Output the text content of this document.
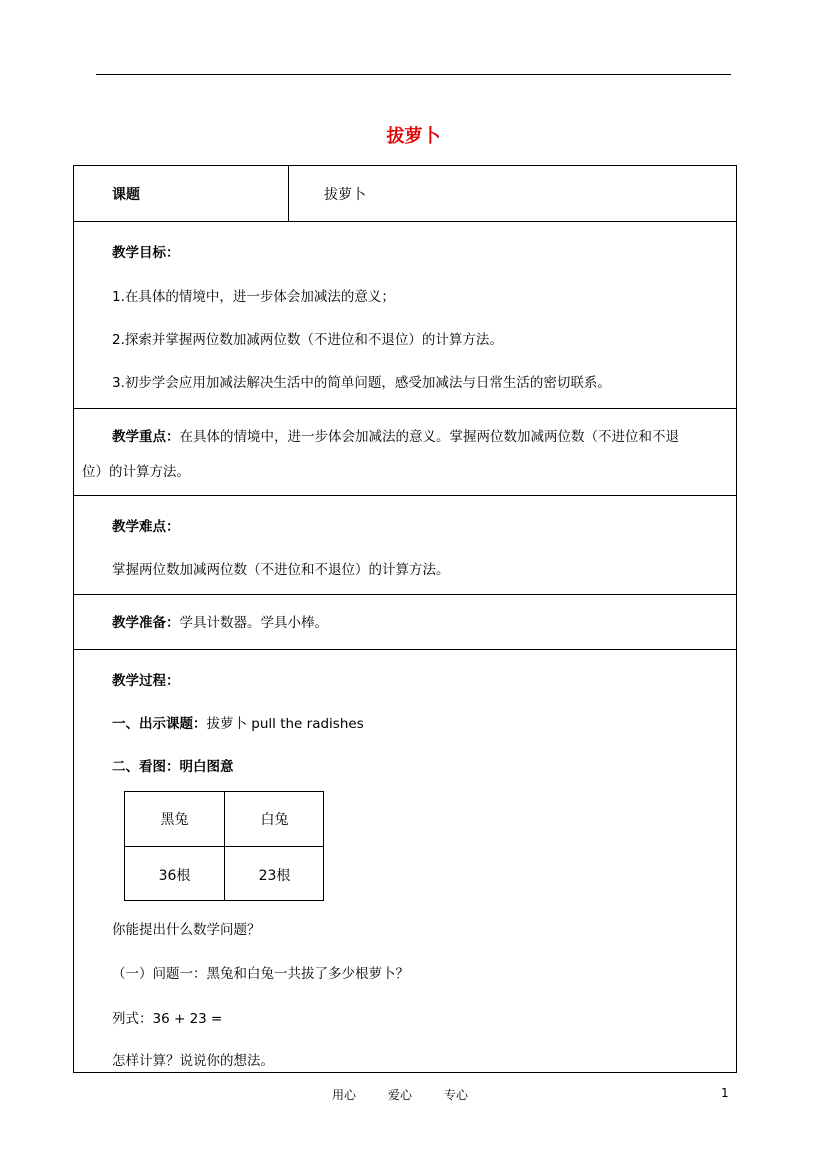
拔萝卜
课题	拔萝卜
教学目标：
1.在具体的情境中，进一步体会加减法的意义；
2.探索并掌握两位数加减两位数（不进位和不退位）的计算方法。
3.初步学会应用加减法解决生活中的简单问题，感受加减法与日常生活的密切联系。
教学重点：在具体的情境中，进一步体会加减法的意义。掌握两位数加减两位数（不进位和不退
位）的计算方法。
教学难点：
掌握两位数加减两位数（不进位和不退位）的计算方法。
教学准备：学具计数器。学具小棒。
教学过程：
一、出示课题：拔萝卜 pull the radishes
二、看图：明白图意
黑兔	白兔
36根	23根
你能提出什么数学问题？
（一）问题一：黑兔和白兔一共拔了多少根萝卜？
列式：36 + 23 =
怎样计算？说说你的想法。
用心	爱心	专心	1
